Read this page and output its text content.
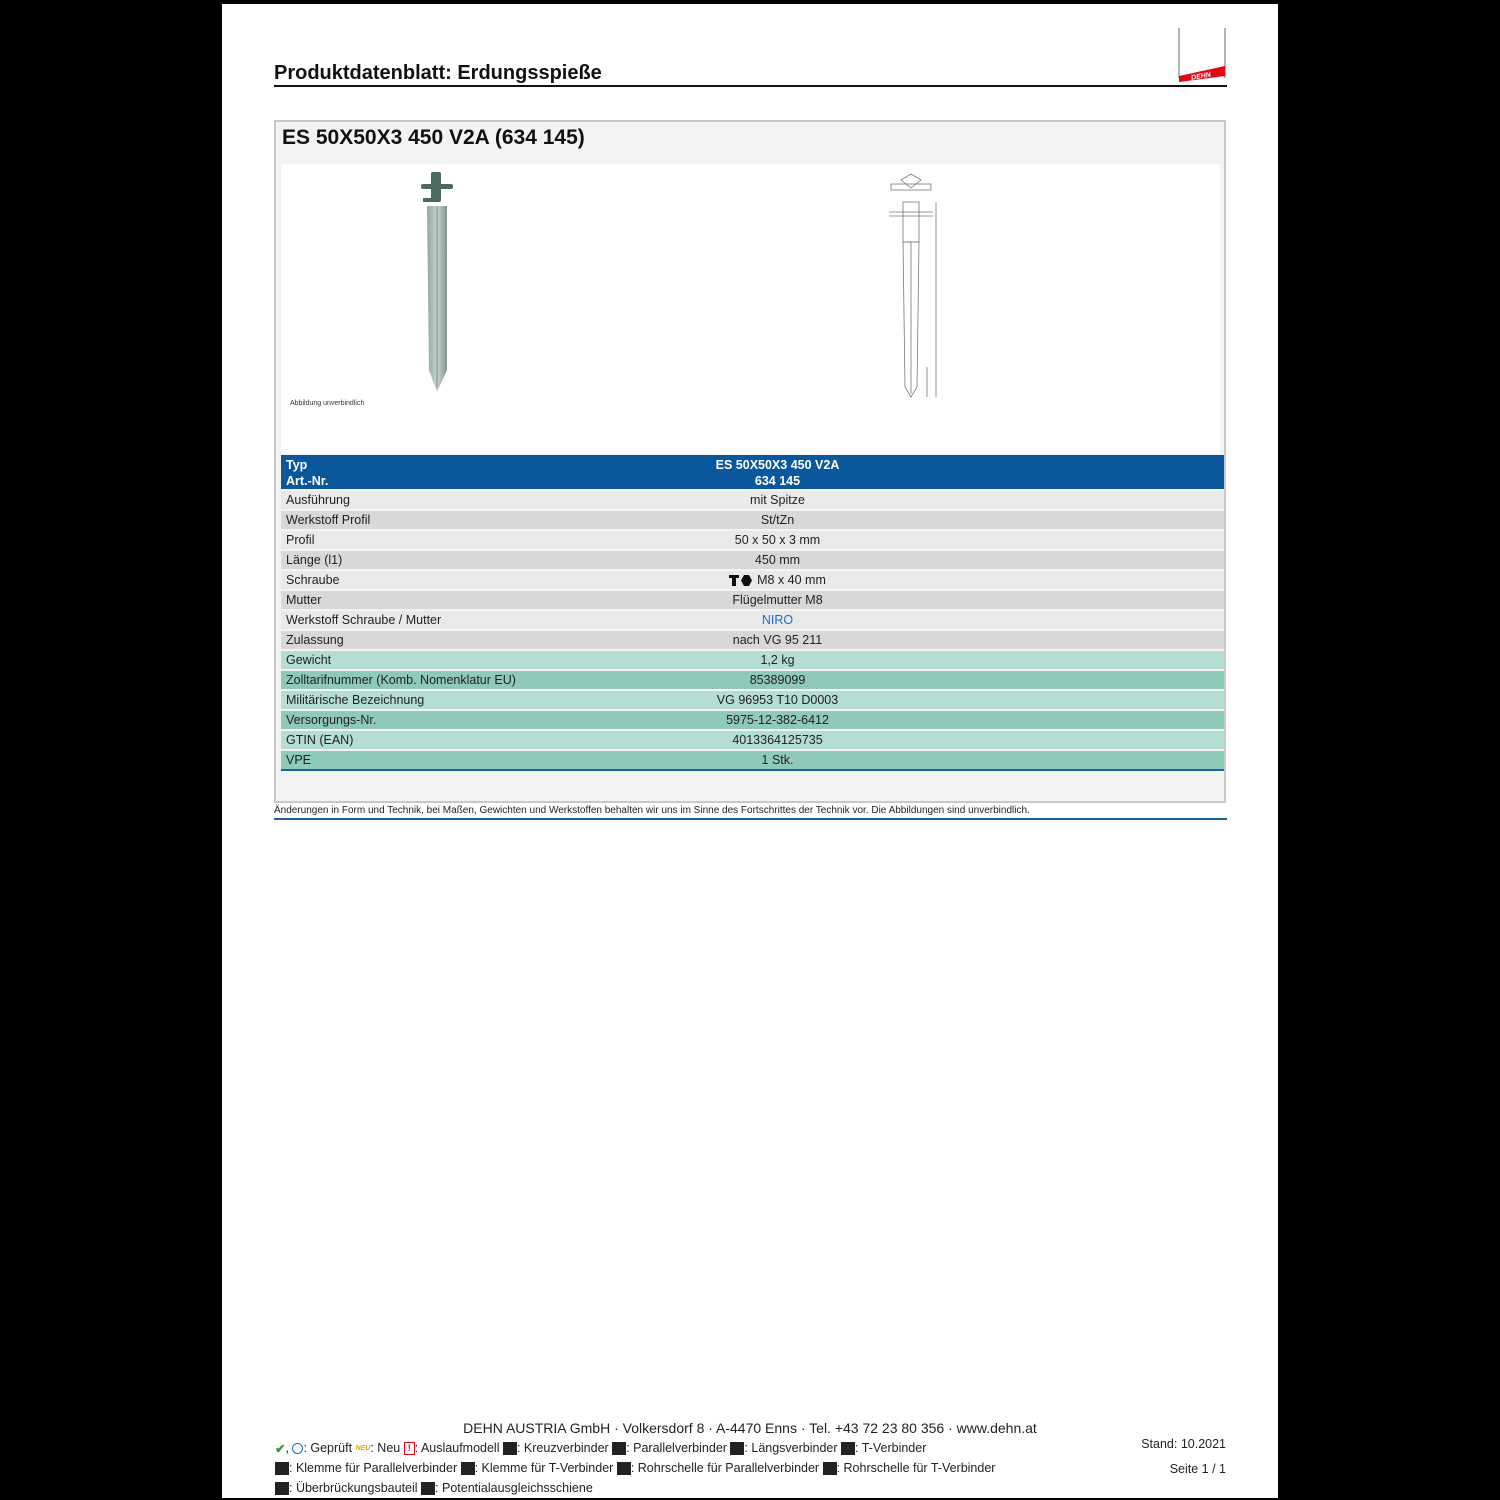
Produktdatenblatt: Erdungsspieße	DEHN
ES 50X50X3 450 V2A (634 145)
Abbildung unverbindlich
Typ	ES 50X50X3 450 V2A
Art.-Nr.	634 145
Ausführung	mit Spitze
Werkstoff Profil	St/tZn
Profil	50 x 50 x 3 mm
Länge (l1)	450 mm
Schraube	M8 x 40 mm
Mutter	Flügelmutter M8
Werkstoff Schraube / Mutter	NIRO
Zulassung	nach VG 95 211
Gewicht	1,2 kg
Zolltarifnummer (Komb. Nomenklatur EU)	85389099
Militärische Bezeichnung	VG 96953 T10 D0003
Versorgungs-Nr.	5975-12-382-6412
GTIN (EAN)	4013364125735
VPE	1 Stk.
Änderungen in Form und Technik, bei Maßen, Gewichten und Werkstoffen behalten wir uns im Sinne des Fortschrittes der Technik vor. Die Abbildungen sind unverbindlich.
DEHN AUSTRIA GmbH · Volkersdorf 8 · A-4470 Enns · Tel. +43 72 23 80 356 · www.dehn.at
Stand: 10.2021
Seite 1 / 1
✔, : Geprüft NEU: Neu ! : Auslaufmodell : Kreuzverbinder : Parallelverbinder : Längsverbinder : T-Verbinder
: Klemme für Parallelverbinder : Klemme für T-Verbinder : Rohrschelle für Parallelverbinder : Rohrschelle für T-Verbinder
: Überbrückungsbauteil : Potentialausgleichsschiene
